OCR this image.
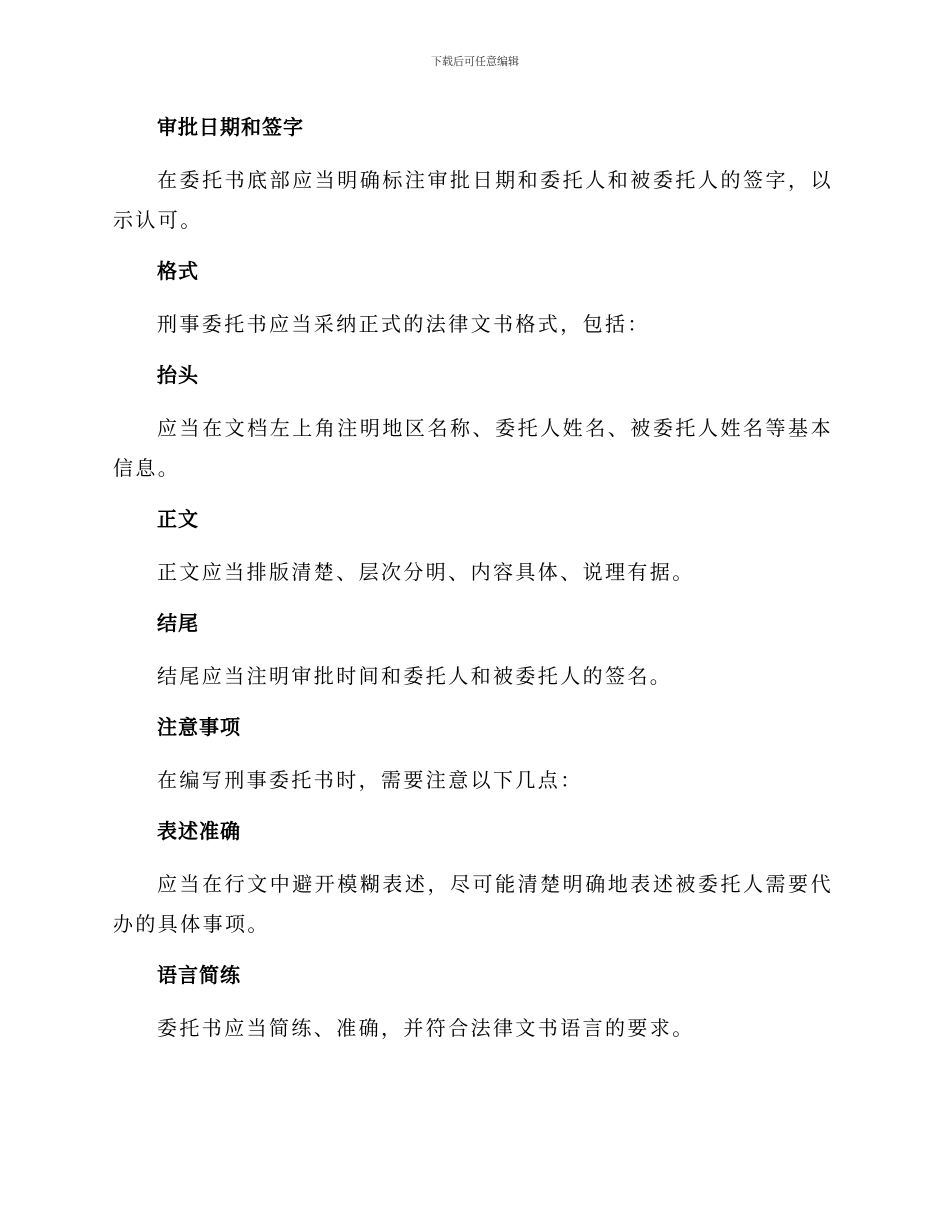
下载后可任意编辑
审批日期和签字
在委托书底部应当明确标注审批日期和委托人和被委托人的签字，以示认可。
格式
刑事委托书应当采纳正式的法律文书格式，包括：
抬头
应当在文档左上角注明地区名称、委托人姓名、被委托人姓名等基本信息。
正文
正文应当排版清楚、层次分明、内容具体、说理有据。
结尾
结尾应当注明审批时间和委托人和被委托人的签名。
注意事项
在编写刑事委托书时，需要注意以下几点：
表述准确
应当在行文中避开模糊表述，尽可能清楚明确地表述被委托人需要代办的具体事项。
语言简练
委托书应当简练、准确，并符合法律文书语言的要求。
